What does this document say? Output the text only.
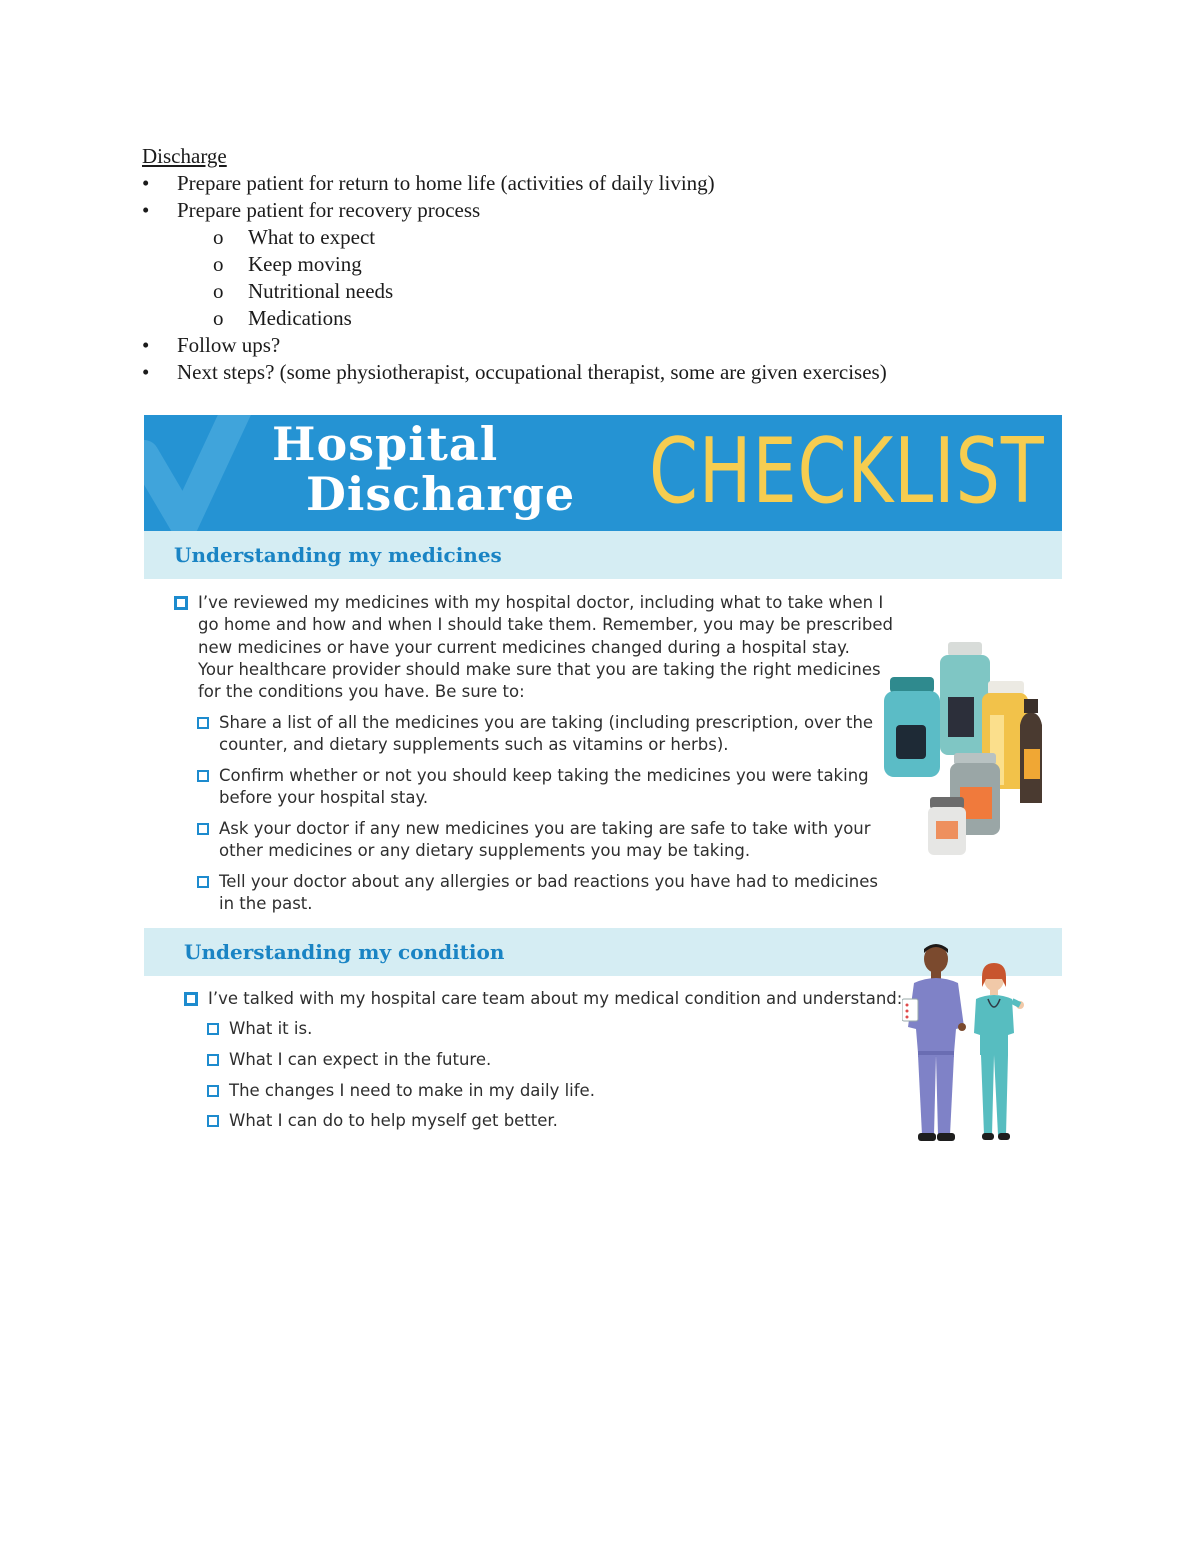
Discharge
• Prepare patient for return to home life (activities of daily living)
• Prepare patient for recovery process
o What to expect
o Keep moving
o Nutritional needs
o Medications
• Follow ups?
• Next steps? (some physiotherapist, occupational therapist, some are given exercises)
Hospital
Discharge CHECKLIST
Understanding my medicines
I’ve reviewed my medicines with my hospital doctor, including what to take when I
go home and how and when I should take them. Remember, you may be prescribed
new medicines or have your current medicines changed during a hospital stay.
Your healthcare provider should make sure that you are taking the right medicines
for the conditions you have. Be sure to:
Share a list of all the medicines you are taking (including prescription, over the
counter, and dietary supplements such as vitamins or herbs).
Confirm whether or not you should keep taking the medicines you were taking
before your hospital stay.
Ask your doctor if any new medicines you are taking are safe to take with your
other medicines or any dietary supplements you may be taking.
Tell your doctor about any allergies or bad reactions you have had to medicines
in the past.
Understanding my condition
I’ve talked with my hospital care team about my medical condition and understand:
What it is.
What I can expect in the future.
The changes I need to make in my daily life.
What I can do to help myself get better.
